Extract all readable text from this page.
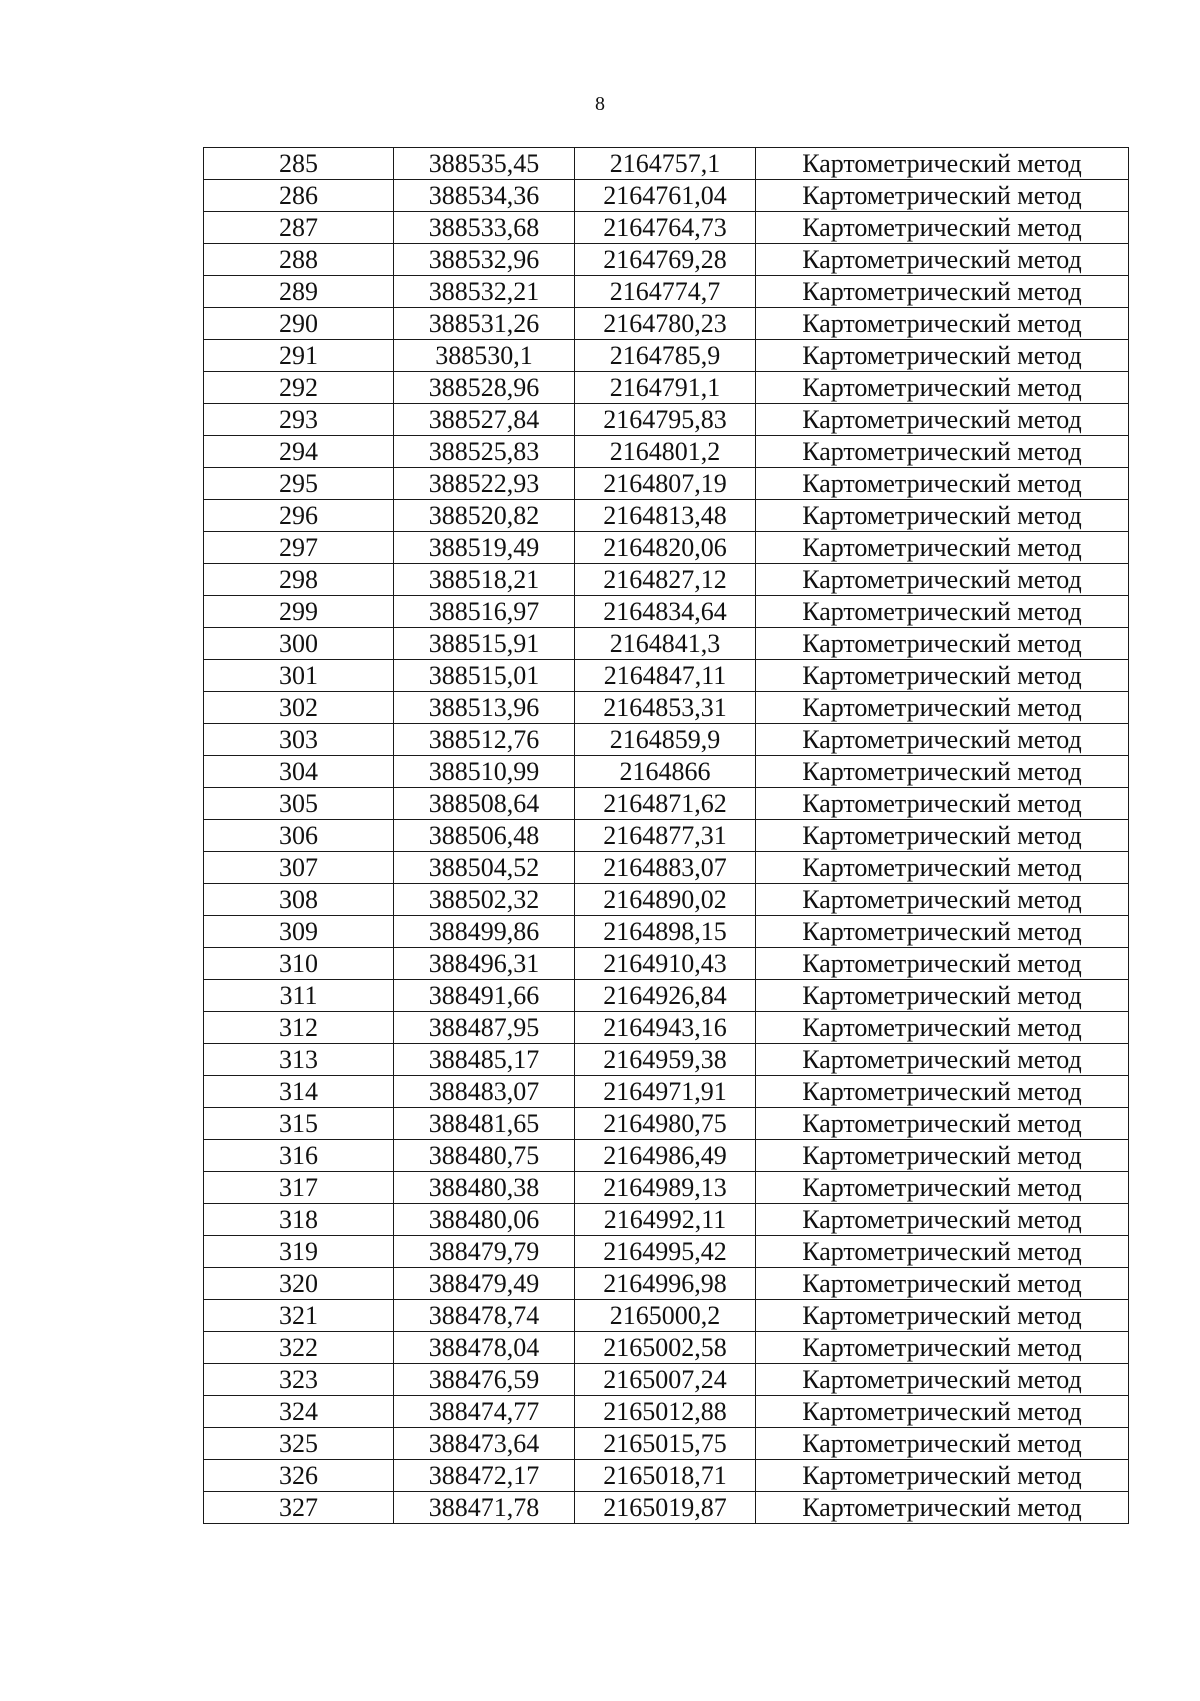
8
285	388535,45	2164757,1	Картометрический метод
286	388534,36	2164761,04	Картометрический метод
287	388533,68	2164764,73	Картометрический метод
288	388532,96	2164769,28	Картометрический метод
289	388532,21	2164774,7	Картометрический метод
290	388531,26	2164780,23	Картометрический метод
291	388530,1	2164785,9	Картометрический метод
292	388528,96	2164791,1	Картометрический метод
293	388527,84	2164795,83	Картометрический метод
294	388525,83	2164801,2	Картометрический метод
295	388522,93	2164807,19	Картометрический метод
296	388520,82	2164813,48	Картометрический метод
297	388519,49	2164820,06	Картометрический метод
298	388518,21	2164827,12	Картометрический метод
299	388516,97	2164834,64	Картометрический метод
300	388515,91	2164841,3	Картометрический метод
301	388515,01	2164847,11	Картометрический метод
302	388513,96	2164853,31	Картометрический метод
303	388512,76	2164859,9	Картометрический метод
304	388510,99	2164866	Картометрический метод
305	388508,64	2164871,62	Картометрический метод
306	388506,48	2164877,31	Картометрический метод
307	388504,52	2164883,07	Картометрический метод
308	388502,32	2164890,02	Картометрический метод
309	388499,86	2164898,15	Картометрический метод
310	388496,31	2164910,43	Картометрический метод
311	388491,66	2164926,84	Картометрический метод
312	388487,95	2164943,16	Картометрический метод
313	388485,17	2164959,38	Картометрический метод
314	388483,07	2164971,91	Картометрический метод
315	388481,65	2164980,75	Картометрический метод
316	388480,75	2164986,49	Картометрический метод
317	388480,38	2164989,13	Картометрический метод
318	388480,06	2164992,11	Картометрический метод
319	388479,79	2164995,42	Картометрический метод
320	388479,49	2164996,98	Картометрический метод
321	388478,74	2165000,2	Картометрический метод
322	388478,04	2165002,58	Картометрический метод
323	388476,59	2165007,24	Картометрический метод
324	388474,77	2165012,88	Картометрический метод
325	388473,64	2165015,75	Картометрический метод
326	388472,17	2165018,71	Картометрический метод
327	388471,78	2165019,87	Картометрический метод
